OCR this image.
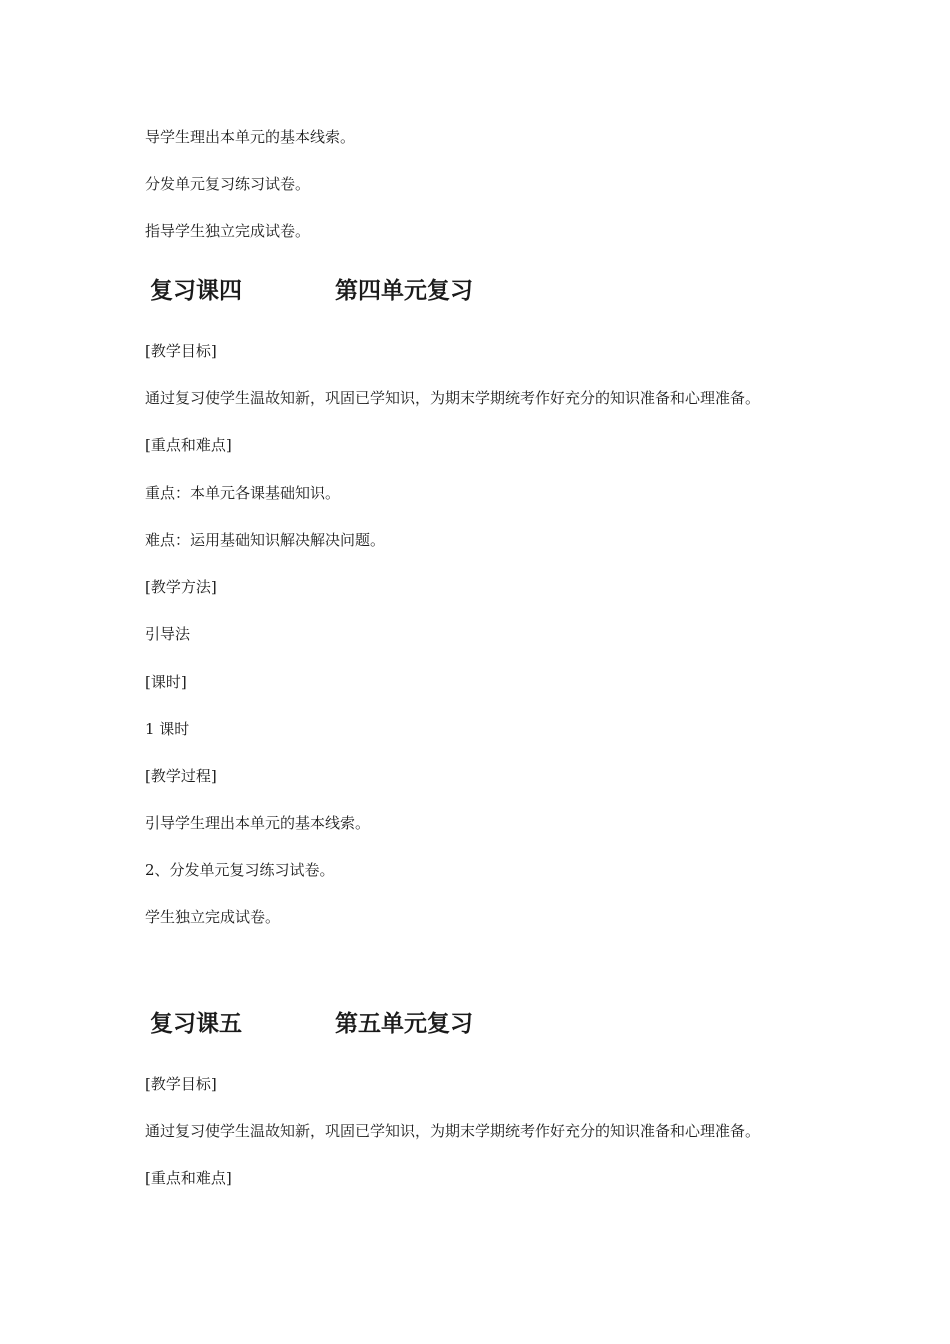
导学生理出本单元的基本线索。
分发单元复习练习试卷。
指导学生独立完成试卷。
复习课四	第四单元复习
[教学目标]
通过复习使学生温故知新，巩固已学知识，为期末学期统考作好充分的知识准备和心理准备。
[重点和难点]
重点：本单元各课基础知识。
难点：运用基础知识解决解决问题。
[教学方法]
引导法
[课时]
1 课时
[教学过程]
引导学生理出本单元的基本线索。
2、分发单元复习练习试卷。
学生独立完成试卷。
复习课五	第五单元复习
[教学目标]
通过复习使学生温故知新，巩固已学知识，为期末学期统考作好充分的知识准备和心理准备。
[重点和难点]
